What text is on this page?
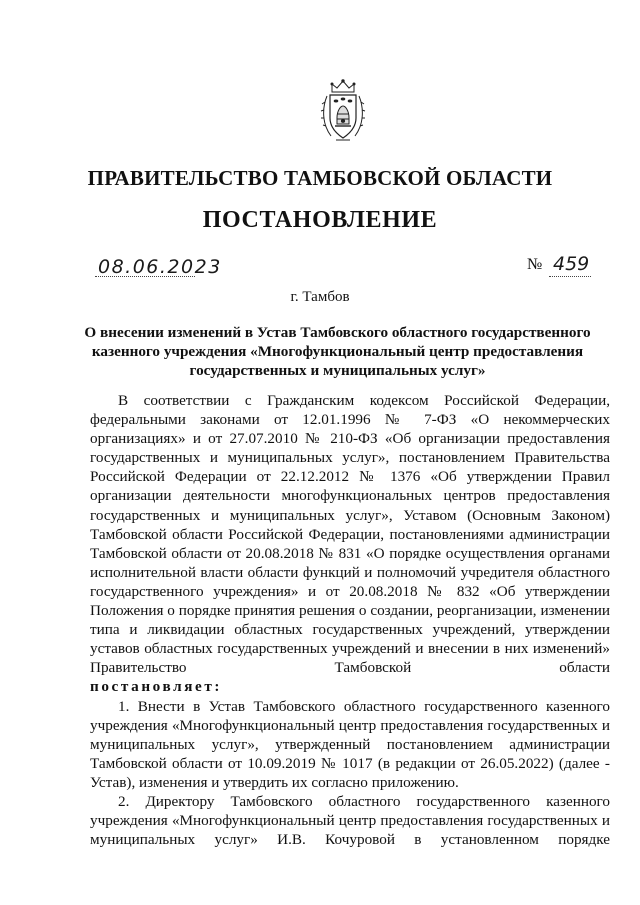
ПРАВИТЕЛЬСТВО ТАМБОВСКОЙ ОБЛАСТИ
ПОСТАНОВЛЕНИЕ
08.06.2023	№ 459
г. Тамбов
О внесении изменений в Устав Тамбовского областного государственного казенного учреждения «Многофункциональный центр предоставления государственных и муниципальных услуг»

В соответствии с Гражданским кодексом Российской Федерации, федеральными законами от 12.01.1996 № 7-ФЗ «О некоммерческих организациях» и от 27.07.2010 № 210-ФЗ «Об организации предоставления государственных и муниципальных услуг», постановлением Правительства Российской Федерации от 22.12.2012 № 1376 «Об утверждении Правил организации деятельности многофункциональных центров предоставления государственных и муниципальных услуг», Уставом (Основным Законом) Тамбовской области Российской Федерации, постановлениями администрации Тамбовской области от 20.08.2018 № 831 «О порядке осуществления органами исполнительной власти области функций и полномочий учредителя областного государственного учреждения» и от 20.08.2018 № 832 «Об утверждении Положения о порядке принятия решения о создании, реорганизации, изменении типа и ликвидации областных государственных учреждений, утверждении уставов областных государственных учреждений и внесении в них изменений» Правительство Тамбовской области

постановляет:

1. Внести в Устав Тамбовского областного государственного казенного учреждения «Многофункциональный центр предоставления государственных и муниципальных услуг», утвержденный постановлением администрации Тамбовской области от 10.09.2019 № 1017 (в редакции от 26.05.2022) (далее - Устав), изменения и утвердить их согласно приложению.

2. Директору Тамбовского областного государственного казенного учреждения «Многофункциональный центр предоставления государственных и муниципальных услуг» И.В. Кочуровой в установленном порядке
